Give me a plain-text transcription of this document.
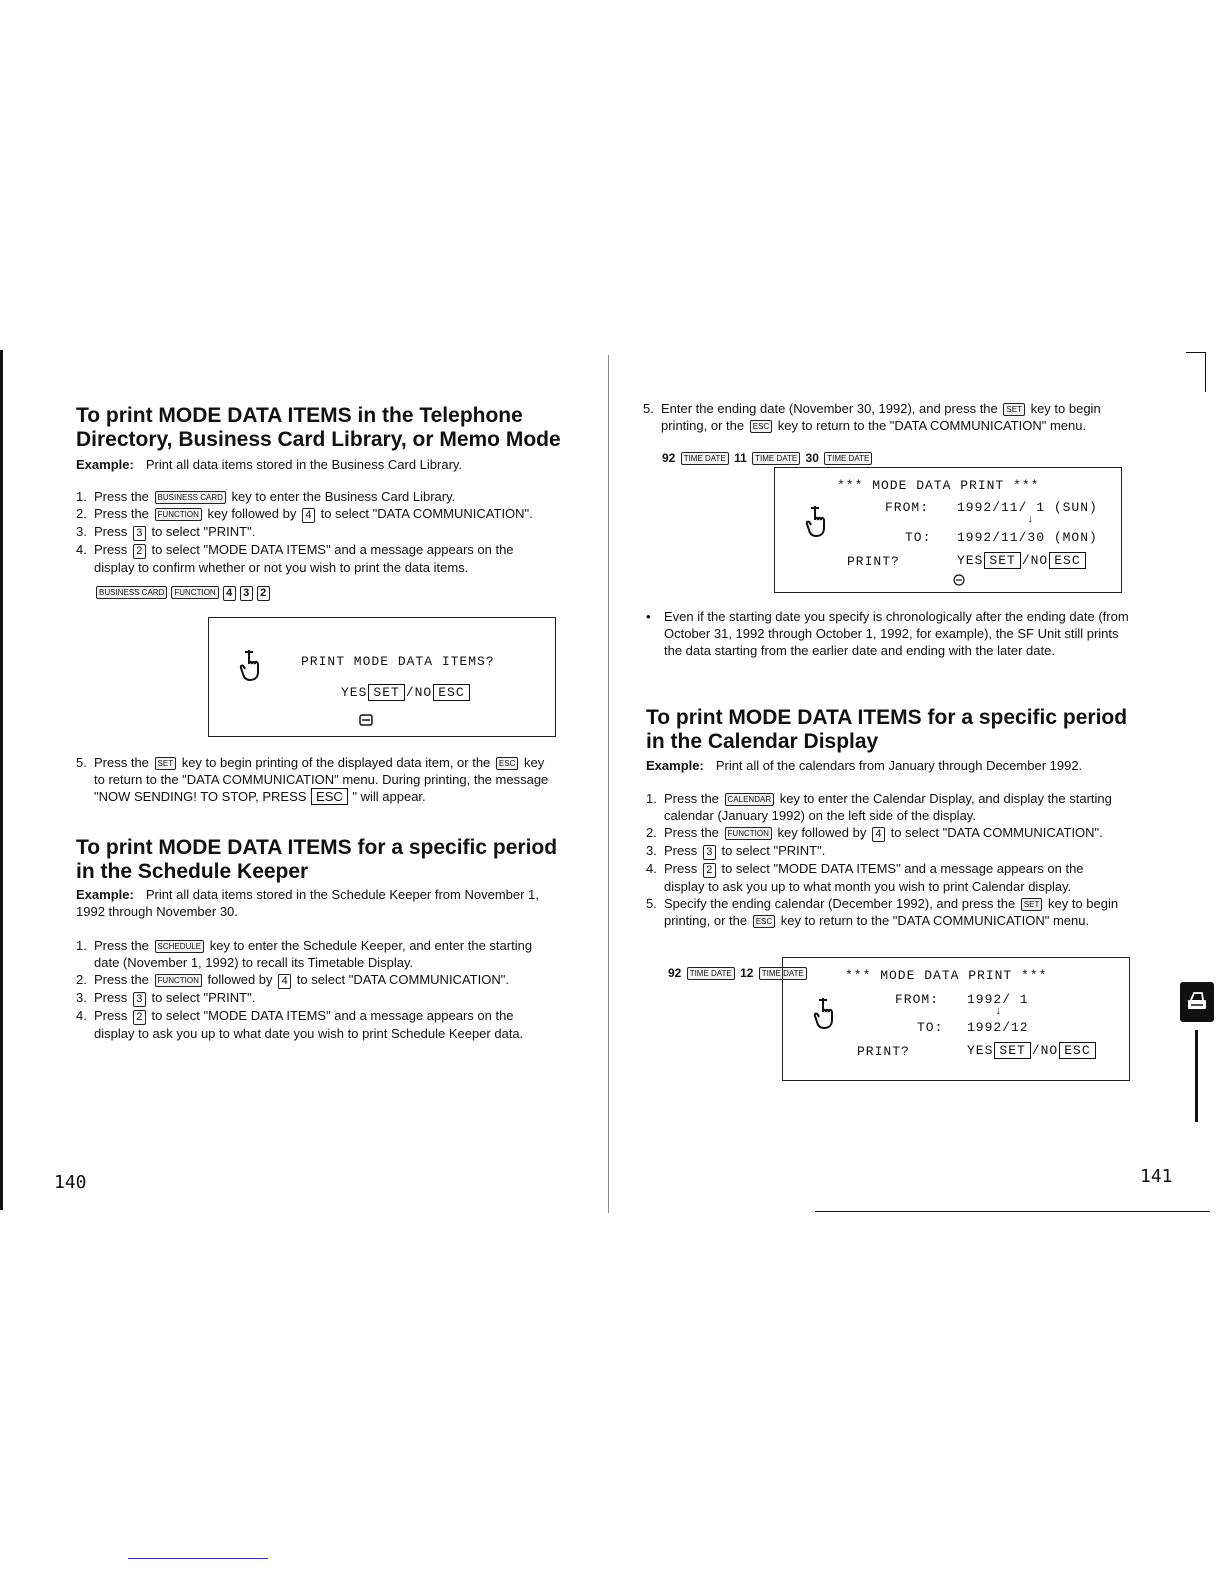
To print MODE DATA ITEMS in the Telephone
Directory, Business Card Library, or Memo Mode
Example: Print all data items stored in the Business Card Library.
1. Press the BUSINESS CARD key to enter the Business Card Library.
2. Press the FUNCTION key followed by 4 to select "DATA COMMUNICATION".
3. Press 3 to select "PRINT".
4. Press 2 to select "MODE DATA ITEMS" and a message appears on the display to confirm whether or not you wish to print the data items.
BUSINESS CARD FUNCTION 4 3 2
PRINT MODE DATA ITEMS?
YES SET /NO ESC
5. Press the SET key to begin printing of the displayed data item, or the ESC key to return to the "DATA COMMUNICATION" menu. During printing, the message "NOW SENDING! TO STOP, PRESS ESC " will appear.
To print MODE DATA ITEMS for a specific period
in the Schedule Keeper
Example: Print all data items stored in the Schedule Keeper from November 1, 1992 through November 30.
1. Press the SCHEDULE key to enter the Schedule Keeper, and enter the starting date (November 1, 1992) to recall its Timetable Display.
2. Press the FUNCTION followed by 4 to select "DATA COMMUNICATION".
3. Press 3 to select "PRINT".
4. Press 2 to select "MODE DATA ITEMS" and a message appears on the display to ask you up to what date you wish to print Schedule Keeper data.
140
5. Enter the ending date (November 30, 1992), and press the SET key to begin printing, or the ESC key to return to the "DATA COMMUNICATION" menu.
92 TIME DATE 11 TIME DATE 30 TIME DATE
*** MODE DATA PRINT ***
FROM: 1992/11/ 1 (SUN)
↓
TO: 1992/11/30 (MON)
PRINT?	YES SET /NO ESC
• Even if the starting date you specify is chronologically after the ending date (from October 31, 1992 through October 1, 1992, for example), the SF Unit still prints the data starting from the earlier date and ending with the later date.
To print MODE DATA ITEMS for a specific period
in the Calendar Display
Example: Print all of the calendars from January through December 1992.
1. Press the CALENDAR key to enter the Calendar Display, and display the starting calendar (January 1992) on the left side of the display.
2. Press the FUNCTION key followed by 4 to select "DATA COMMUNICATION".
3. Press 3 to select "PRINT".
4. Press 2 to select "MODE DATA ITEMS" and a message appears on the display to ask you up to what month you wish to print Calendar display.
5. Specify the ending calendar (December 1992), and press the SET key to begin printing, or the ESC key to return to the "DATA COMMUNICATION" menu.
92 TIME DATE 12 TIME DATE	*** MODE DATA PRINT ***
FROM: 1992/ 1
↓
TO: 1992/12
PRINT?	YES SET /NO ESC
141
